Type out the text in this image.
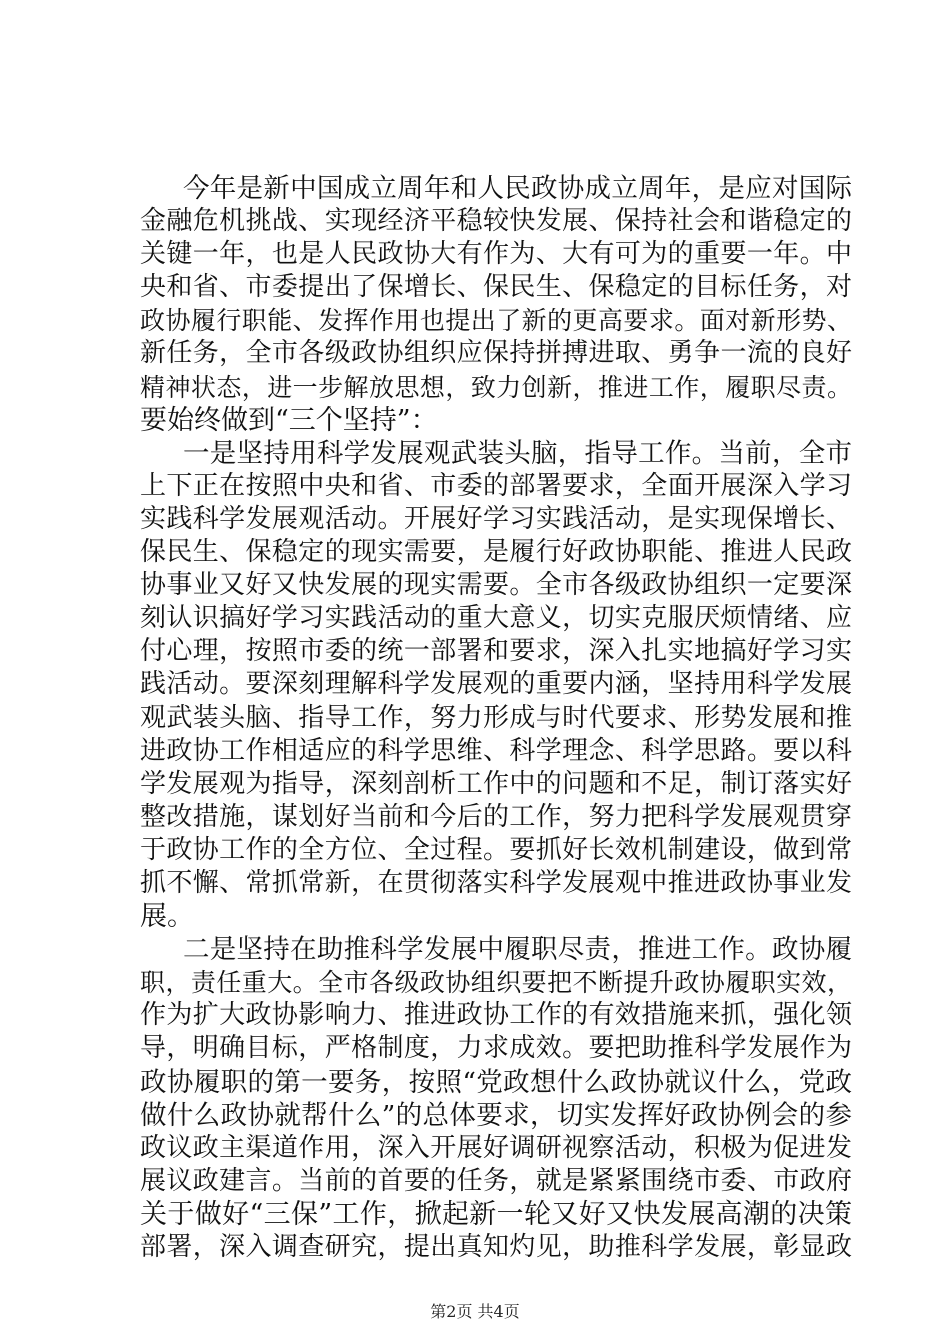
今年是新中国成立周年和人民政协成立周年，是应对国际
金融危机挑战、实现经济平稳较快发展、保持社会和谐稳定的
关键一年，也是人民政协大有作为、大有可为的重要一年。中
央和省、市委提出了保增长、保民生、保稳定的目标任务，对
政协履行职能、发挥作用也提出了新的更高要求。面对新形势、
新任务，全市各级政协组织应保持拼搏进取、勇争一流的良好
精神状态，进一步解放思想，致力创新，推进工作，履职尽责。
要始终做到“三个坚持”：
一是坚持用科学发展观武装头脑，指导工作。当前，全市
上下正在按照中央和省、市委的部署要求，全面开展深入学习
实践科学发展观活动。开展好学习实践活动，是实现保增长、
保民生、保稳定的现实需要，是履行好政协职能、推进人民政
协事业又好又快发展的现实需要。全市各级政协组织一定要深
刻认识搞好学习实践活动的重大意义，切实克服厌烦情绪、应
付心理，按照市委的统一部署和要求，深入扎实地搞好学习实
践活动。要深刻理解科学发展观的重要内涵，坚持用科学发展
观武装头脑、指导工作，努力形成与时代要求、形势发展和推
进政协工作相适应的科学思维、科学理念、科学思路。要以科
学发展观为指导，深刻剖析工作中的问题和不足，制订落实好
整改措施，谋划好当前和今后的工作，努力把科学发展观贯穿
于政协工作的全方位、全过程。要抓好长效机制建设，做到常
抓不懈、常抓常新，在贯彻落实科学发展观中推进政协事业发
展。
二是坚持在助推科学发展中履职尽责，推进工作。政协履
职，责任重大。全市各级政协组织要把不断提升政协履职实效，
作为扩大政协影响力、推进政协工作的有效措施来抓，强化领
导，明确目标，严格制度，力求成效。要把助推科学发展作为
政协履职的第一要务，按照“党政想什么政协就议什么，党政
做什么政协就帮什么”的总体要求，切实发挥好政协例会的参
政议政主渠道作用，深入开展好调研视察活动，积极为促进发
展议政建言。当前的首要的任务，就是紧紧围绕市委、市政府
关于做好“三保”工作，掀起新一轮又好又快发展高潮的决策
部署，深入调查研究，提出真知灼见，助推科学发展，彰显政
第2页 共4页
